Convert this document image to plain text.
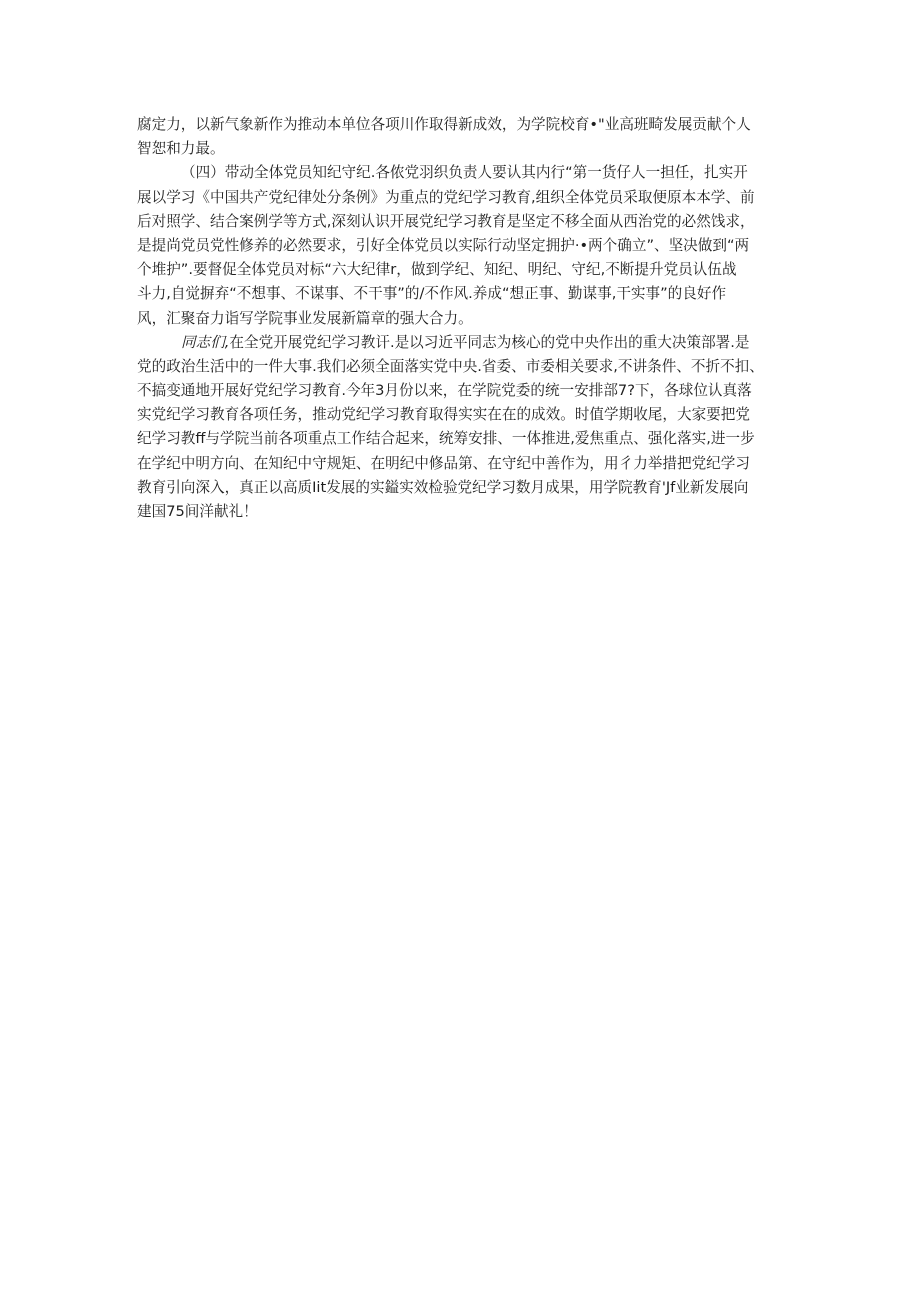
腐定力，以新气象新作为推动本单位各项川作取得新成效，为学院校育•"业高班畸发展贡献个人
智恕和力最。
（四）带动全体党员知纪守纪.各侬党羽织负责人要认其内行“第一货仔人一担任，扎实开
展以学习《中国共产党纪律处分条例》为重点的党纪学习教育,组织全体党员采取便原本本学、前
后对照学、结合案例学等方式,深刻认识开展党纪学习教育是坚定不移全面从西治党的必然饯求，
是提尚党员党性修养的必然要求，引好全体党员以实际行动坚定拥护·•两个确立”、坚决做到“两
个堆护”.要督促全体党员对标“六大纪律r，做到学纪、知纪、明纪、守纪,不断提升党员认伍战
斗力,自觉摒弃“不想事、不谋事、不干事”的/不作风.养成“想正事、勤谋事,干实事”的良好作
风，汇聚奋力诣写学院事业发展新篇章的强大合力。
同志们,在全党开展党纪学习教讦.是以习近平同志为核心的党中央作出的重大决策部署.是
党的政治生活中的一件大事.我们必须全面落实党中央.省委、市委相关要求,不讲条件、不折不扣、
不搞变通地开展好党纪学习教育.今年3月份以来，在学院党委的统一安排部7?下，各球位认真落
实党纪学习教育各项任务，推动党纪学习教育取得实实在在的成效。时值学期收尾，大家要把党
纪学习教ff与学院当前各项重点工作结合起来，统筹安排、一体推进,爱焦重点、强化落实,进一步
在学纪中明方向、在知纪中守规矩、在明纪中修品第、在守纪中善作为，用彳力举措把党纪学习
教育引向深入，真正以高质Iit发展的实鎰实效检验党纪学习数月成果，用学院教育'Jf业新发展向
建国75间洋献礼！
